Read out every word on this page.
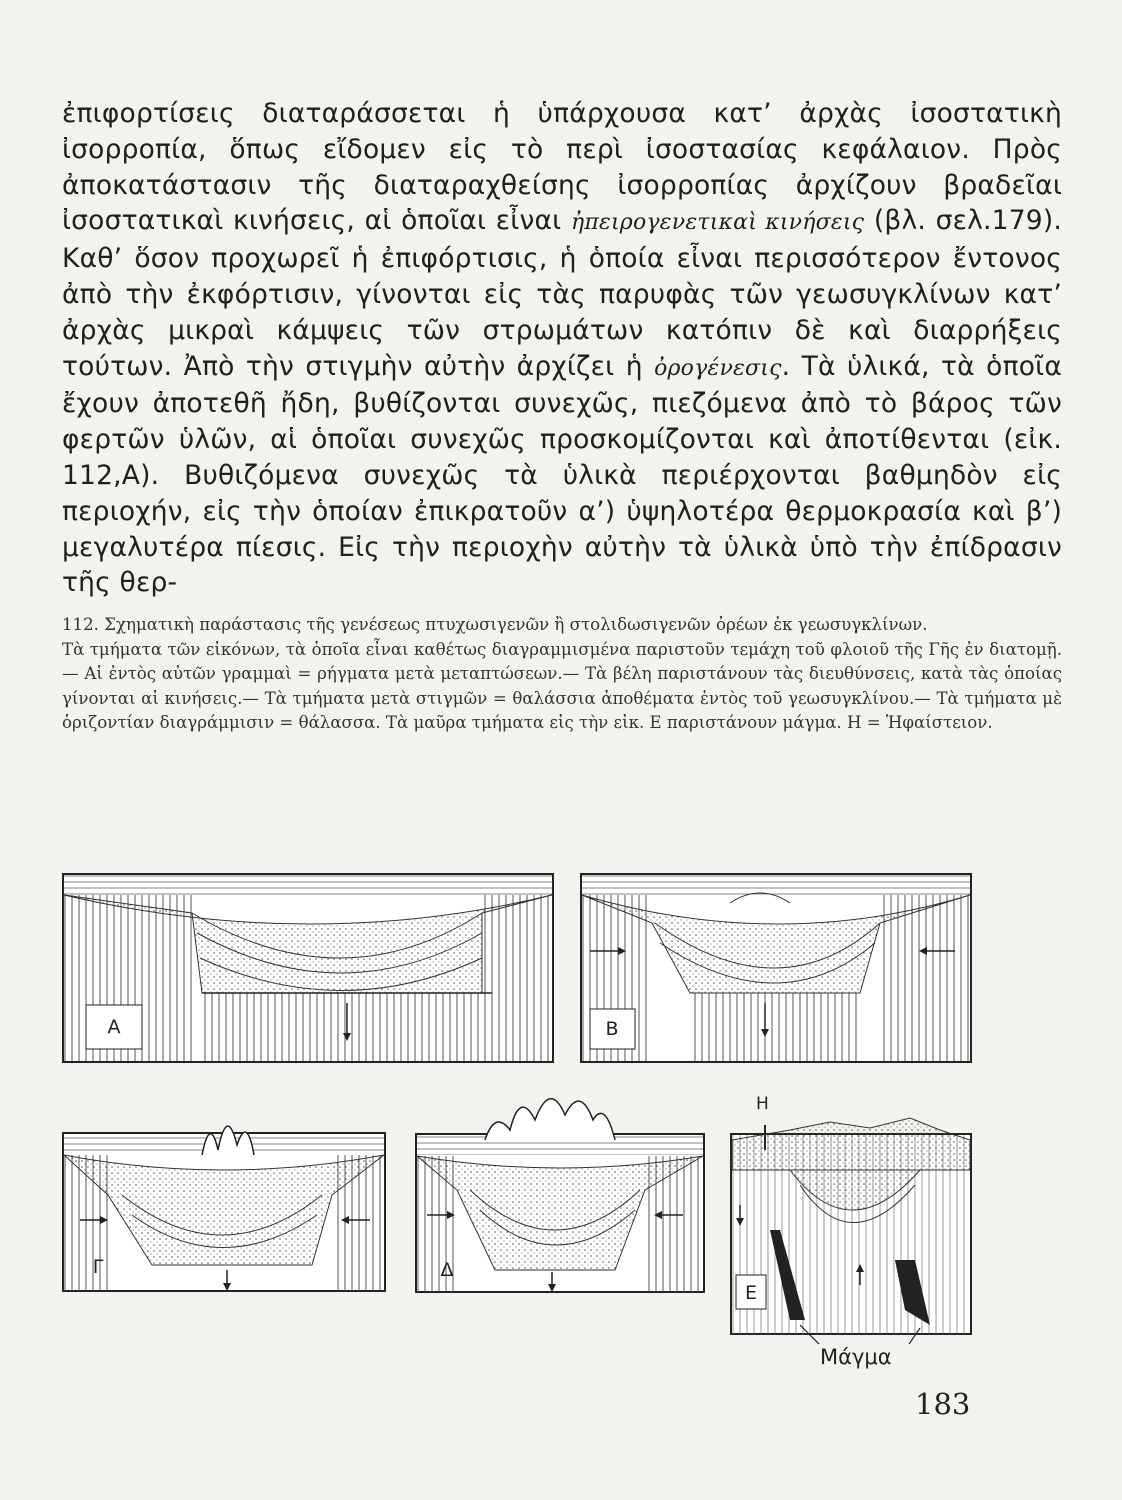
ἐπιφορτίσεις διαταράσσεται ἡ ὑπάρχουσα κατ’ ἀρχὰς ἰσοστατικὴ ἰσορροπία, ὅπως εἴδομεν εἰς τὸ περὶ ἰσοστασίας κεφάλαιον. Πρὸς ἀποκατάστασιν τῆς διαταραχθείσης ἰσορροπίας ἀρχίζουν βραδεῖαι ἰσοστατικαὶ κινήσεις, αἱ ὁποῖαι εἶναι ἠπειρογενετικαὶ κινήσεις (βλ. σελ.179). Καθ’ ὅσον προχωρεῖ ἡ ἐπιφόρτισις, ἡ ὁποία εἶναι περισσότερον ἔντονος ἀπὸ τὴν ἐκφόρτισιν, γίνονται εἰς τὰς παρυφὰς τῶν γεωσυγκλίνων κατ’ ἀρχὰς μικραὶ κάμψεις τῶν στρωμάτων κατόπιν δὲ καὶ διαρρήξεις τούτων. Ἀπὸ τὴν στιγμὴν αὐτὴν ἀρχίζει ἡ ὀρογένεσις. Τὰ ὑλικά, τὰ ὁποῖα ἔχουν ἀποτεθῆ ἤδη, βυθίζονται συνεχῶς, πιεζόμενα ἀπὸ τὸ βάρος τῶν φερτῶν ὑλῶν, αἱ ὁποῖαι συνεχῶς προσκομίζονται καὶ ἀποτίθενται (εἰκ. 112,Α). Βυθιζόμενα συνεχῶς τὰ ὑλικὰ περιέρχονται βαθμηδὸν εἰς περιοχήν, εἰς τὴν ὁποίαν ἐπικρατοῦν α’) ὑψηλοτέρα θερμοκρασία καὶ β’) μεγαλυτέρα πίεσις. Εἰς τὴν περιοχὴν αὐτὴν τὰ ὑλικὰ ὑπὸ τὴν ἐπίδρασιν τῆς θερ-

112. Σχηματικὴ παράστασις τῆς γενέσεως πτυχωσιγενῶν ἢ στολιδωσιγενῶν ὀρέων ἐκ γεωσυγκλίνων.

Τὰ τμήματα τῶν εἰκόνων, τὰ ὁποῖα εἶναι καθέτως διαγραμμισμένα παριστοῦν τεμάχη τοῦ φλοιοῦ τῆς Γῆς ἐν διατομῇ.— Αἱ ἐντὸς αὐτῶν γραμμαὶ = ρήγματα μετὰ μεταπτώσεων.— Τὰ βέλη παριστάνουν τὰς διευθύνσεις, κατὰ τὰς ὁποίας γίνονται αἱ κινήσεις.— Τὰ τμήματα μετὰ στιγμῶν = θαλάσσια ἀποθέματα ἐντὸς τοῦ γεωσυγκλίνου.— Τὰ τμήματα μὲ ὁριζοντίαν διαγράμμισιν = θάλασσα. Τὰ μαῦρα τμήματα εἰς τὴν εἰκ. Ε παριστάνουν μάγμα. Η = Ἡφαίστειον.

Α	Β
Γ	Δ
Ε
Η
Μάγμα
183
